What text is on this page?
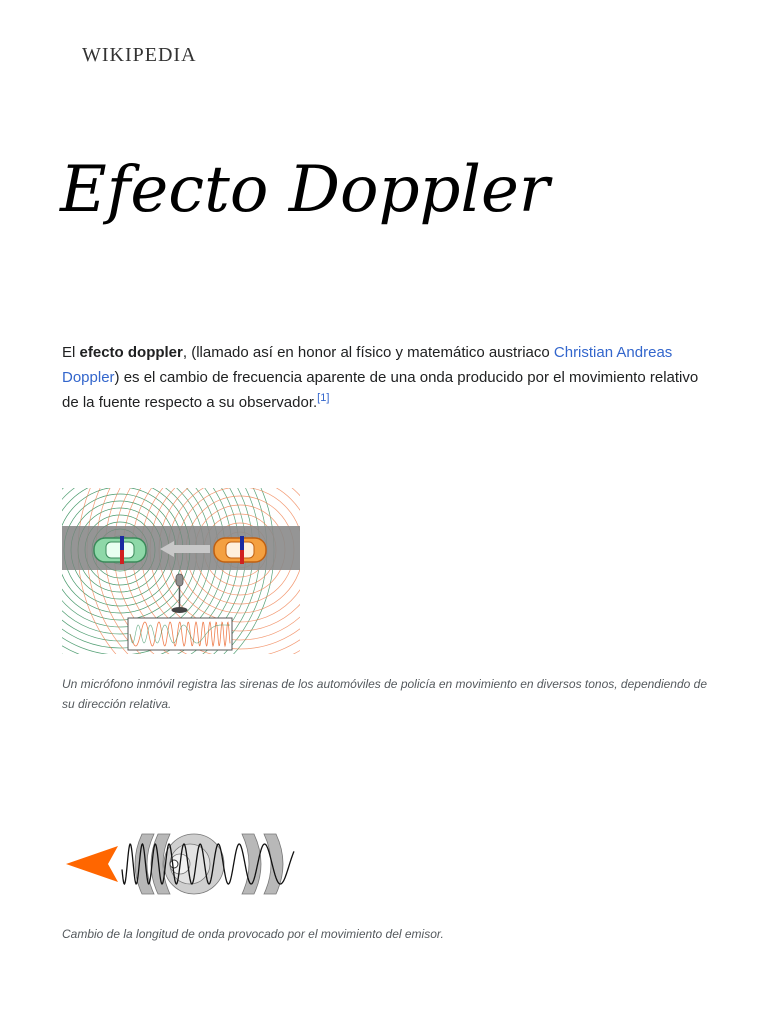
WIKIPEDIA
Efecto Doppler

El efecto doppler, (llamado así en honor al físico y matemático austriaco Christian Andreas Doppler) es el cambio de frecuencia aparente de una onda producido por el movimiento relativo de la fuente respecto a su observador.[1]

Un micrófono inmóvil registra las sirenas de los automóviles de policía en movimiento en diversos tonos, dependiendo de su dirección relativa.
Cambio de la longitud de onda provocado por el movimiento del emisor.
